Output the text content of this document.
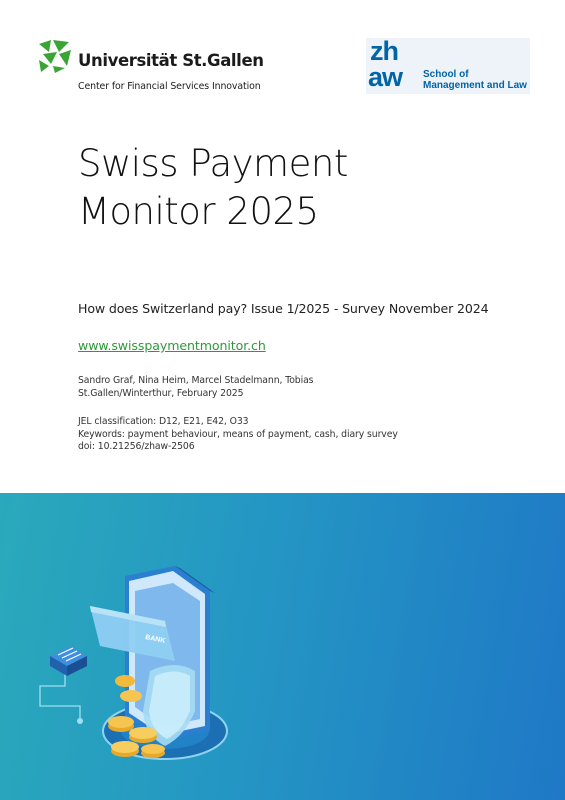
Universität St.Gallen
Center for Financial Services Innovation
zh
aw School of
Management and Law
Swiss Payment
Monitor 2025
How does Switzerland pay? Issue 1/2025 - Survey November 2024
www.swisspaymentmonitor.ch
Sandro Graf, Nina Heim, Marcel Stadelmann, Tobias
St.Gallen/Winterthur, February 2025
JEL classification: D12, E21, E42, O33
Keywords: payment behaviour, means of payment, cash, diary survey
doi: 10.21256/zhaw-2506
BANK
